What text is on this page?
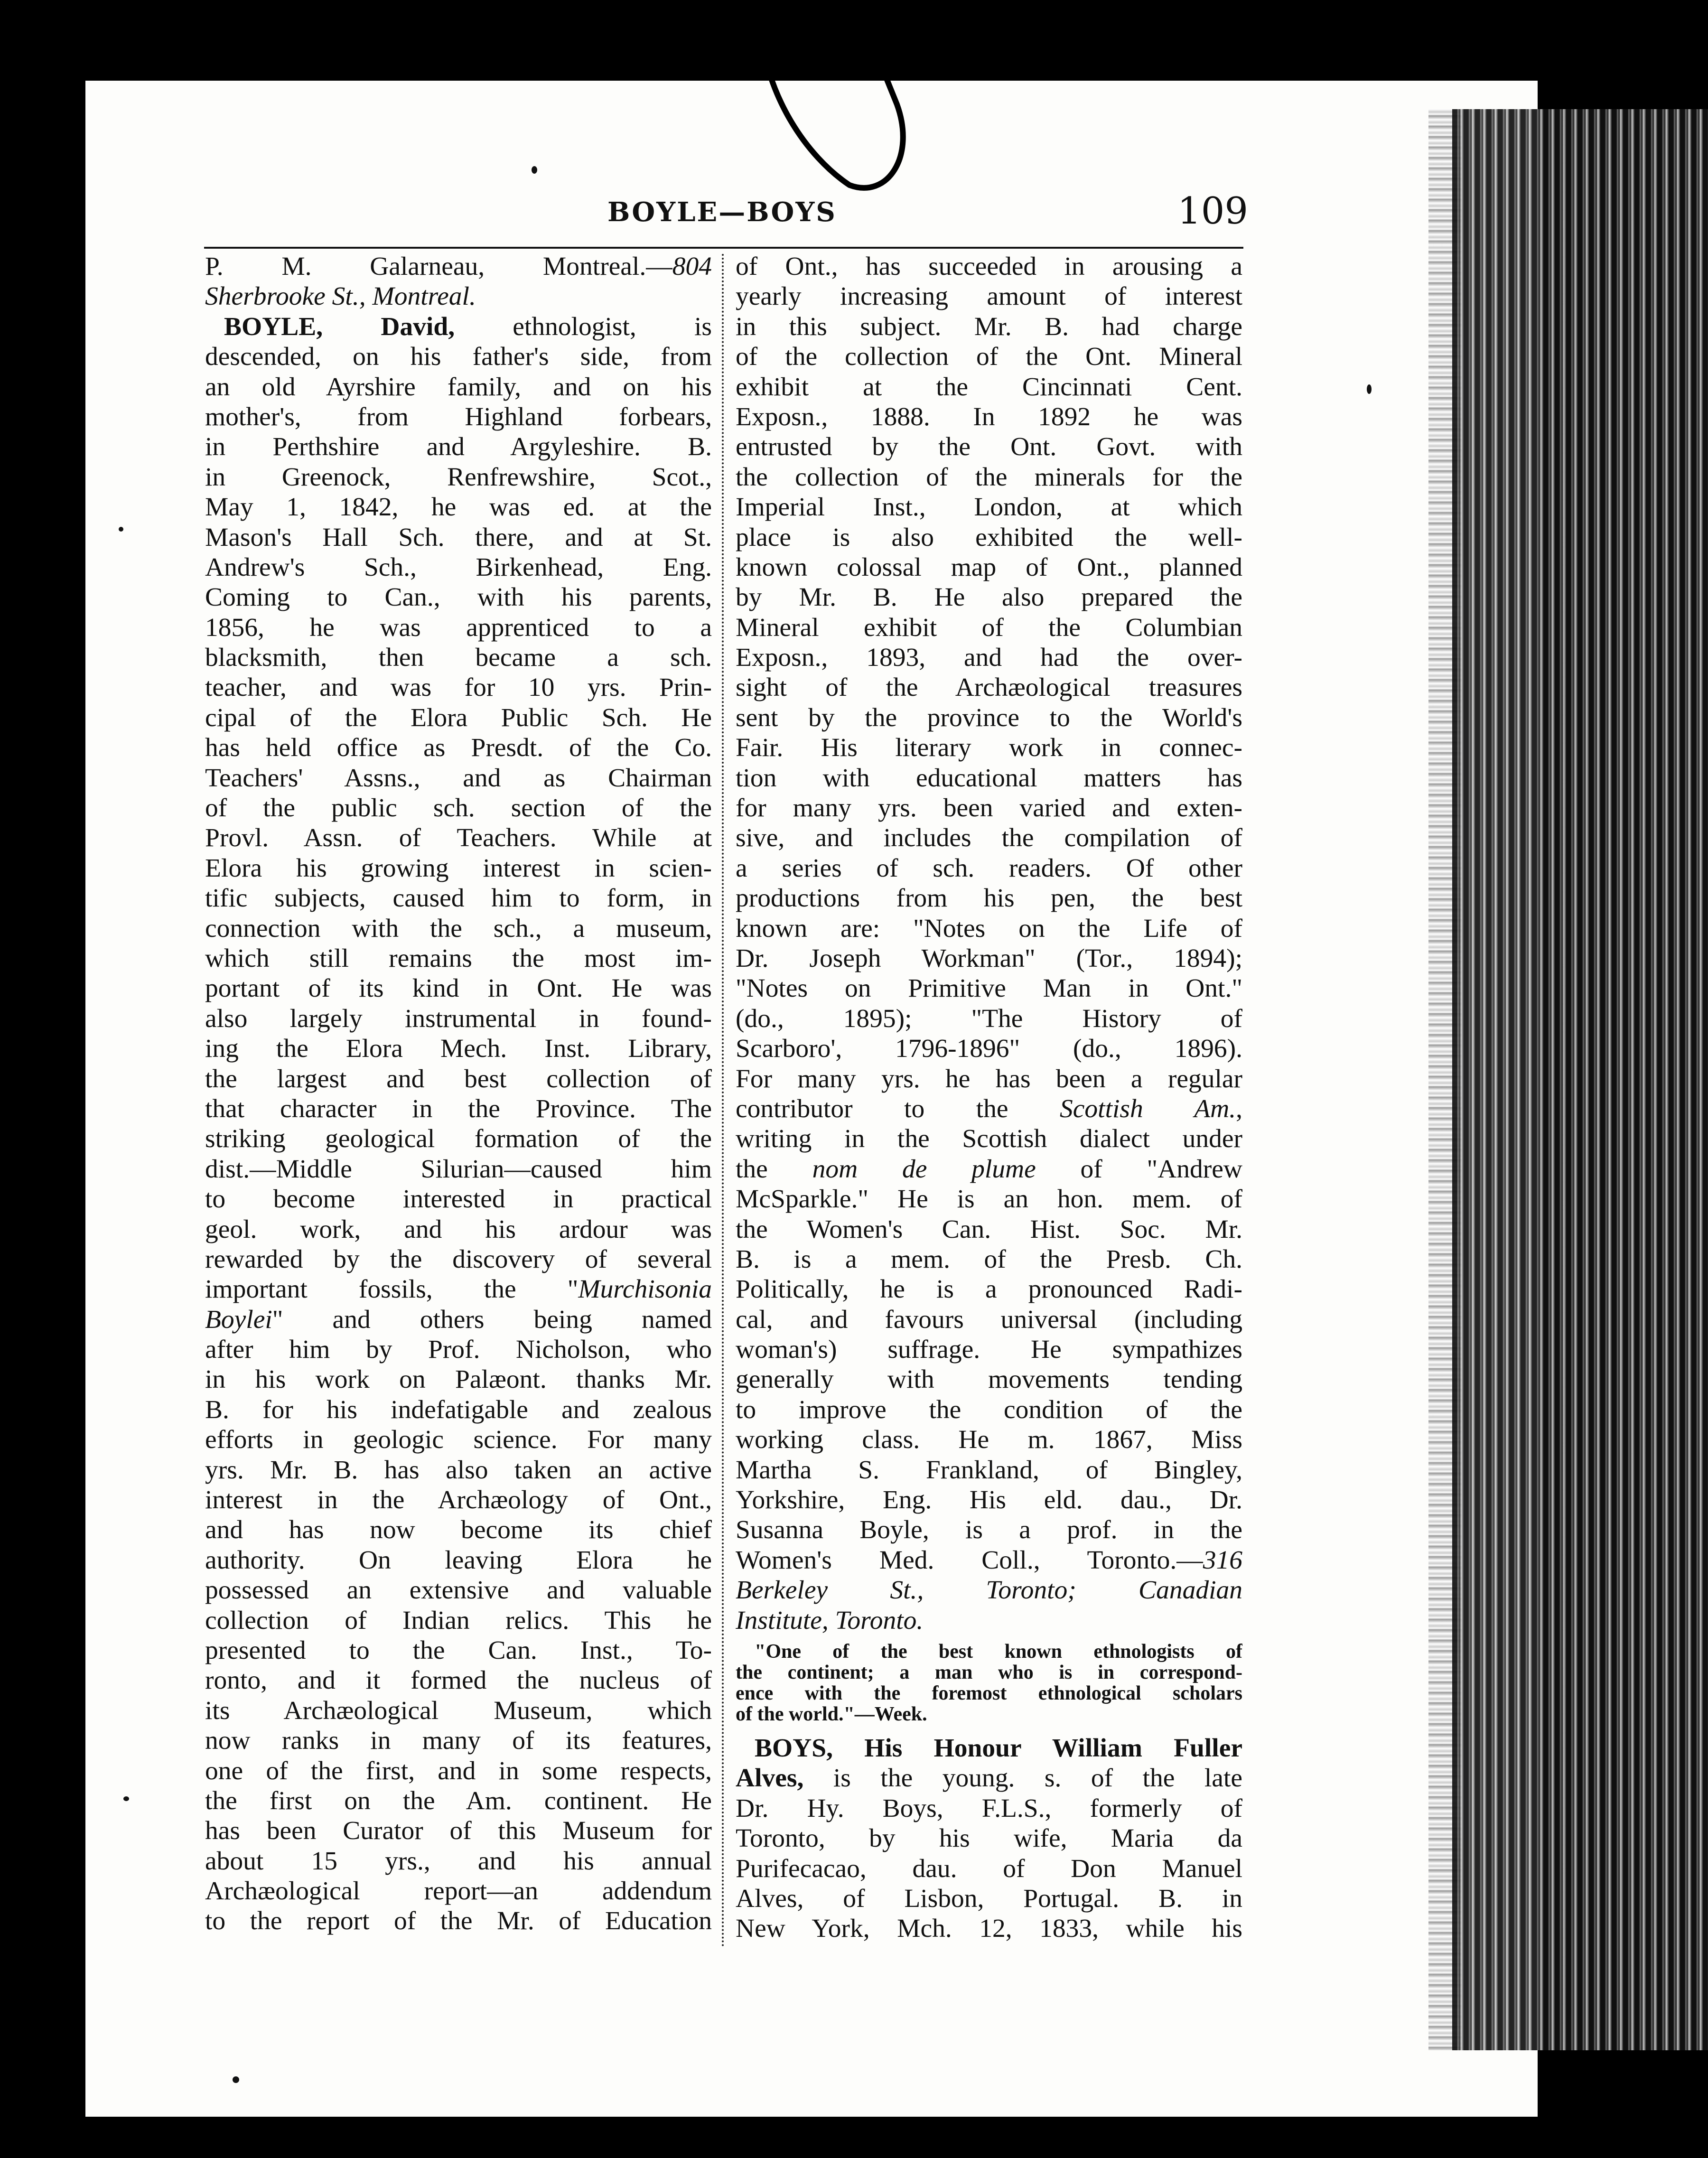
BOYLE—BOYS	109
P. M. Galarneau, Montreal.—804
Sherbrooke St., Montreal.
BOYLE, David, ethnologist, is
descended, on his father's side, from
an old Ayrshire family, and on his
mother's, from Highland forbears,
in Perthshire and Argyleshire. B.
in Greenock, Renfrewshire, Scot.,
May 1, 1842, he was ed. at the
Mason's Hall Sch. there, and at St.
Andrew's Sch., Birkenhead, Eng.
Coming to Can., with his parents,
1856, he was apprenticed to a
blacksmith, then became a sch.
teacher, and was for 10 yrs. Prin-
cipal of the Elora Public Sch. He
has held office as Presdt. of the Co.
Teachers' Assns., and as Chairman
of the public sch. section of the
Provl. Assn. of Teachers. While at
Elora his growing interest in scien-
tific subjects, caused him to form, in
connection with the sch., a museum,
which still remains the most im-
portant of its kind in Ont. He was
also largely instrumental in found-
ing the Elora Mech. Inst. Library,
the largest and best collection of
that character in the Province. The
striking geological formation of the
dist.—Middle Silurian—caused him
to become interested in practical
geol. work, and his ardour was
rewarded by the discovery of several
important fossils, the "Murchisonia
Boylei" and others being named
after him by Prof. Nicholson, who
in his work on Palæont. thanks Mr.
B. for his indefatigable and zealous
efforts in geologic science. For many
yrs. Mr. B. has also taken an active
interest in the Archæology of Ont.,
and has now become its chief
authority. On leaving Elora he
possessed an extensive and valuable
collection of Indian relics. This he
presented to the Can. Inst., To-
ronto, and it formed the nucleus of
its Archæological Museum, which
now ranks in many of its features,
one of the first, and in some respects,
the first on the Am. continent. He
has been Curator of this Museum for
about 15 yrs., and his annual
Archæological report—an addendum
to the report of the Mr. of Education
of Ont., has succeeded in arousing a
yearly increasing amount of interest
in this subject. Mr. B. had charge
of the collection of the Ont. Mineral
exhibit at the Cincinnati Cent.
Exposn., 1888. In 1892 he was
entrusted by the Ont. Govt. with
the collection of the minerals for the
Imperial Inst., London, at which
place is also exhibited the well-
known colossal map of Ont., planned
by Mr. B. He also prepared the
Mineral exhibit of the Columbian
Exposn., 1893, and had the over-
sight of the Archæological treasures
sent by the province to the World's
Fair. His literary work in connec-
tion with educational matters has
for many yrs. been varied and exten-
sive, and includes the compilation of
a series of sch. readers. Of other
productions from his pen, the best
known are: "Notes on the Life of
Dr. Joseph Workman" (Tor., 1894);
"Notes on Primitive Man in Ont."
(do., 1895); "The History of
Scarboro', 1796-1896" (do., 1896).
For many yrs. he has been a regular
contributor to the Scottish Am.,
writing in the Scottish dialect under
the nom de plume of "Andrew
McSparkle." He is an hon. mem. of
the Women's Can. Hist. Soc. Mr.
B. is a mem. of the Presb. Ch.
Politically, he is a pronounced Radi-
cal, and favours universal (including
woman's) suffrage. He sympathizes
generally with movements tending
to improve the condition of the
working class. He m. 1867, Miss
Martha S. Frankland, of Bingley,
Yorkshire, Eng. His eld. dau., Dr.
Susanna Boyle, is a prof. in the
Women's Med. Coll., Toronto.—316
Berkeley St., Toronto; Canadian
Institute, Toronto.
"One of the best known ethnologists of
the continent; a man who is in correspond-
ence with the foremost ethnological scholars
of the world."—Week.
BOYS, His Honour William Fuller
Alves, is the young. s. of the late
Dr. Hy. Boys, F.L.S., formerly of
Toronto, by his wife, Maria da
Purifecacao, dau. of Don Manuel
Alves, of Lisbon, Portugal. B. in
New York, Mch. 12, 1833, while his
